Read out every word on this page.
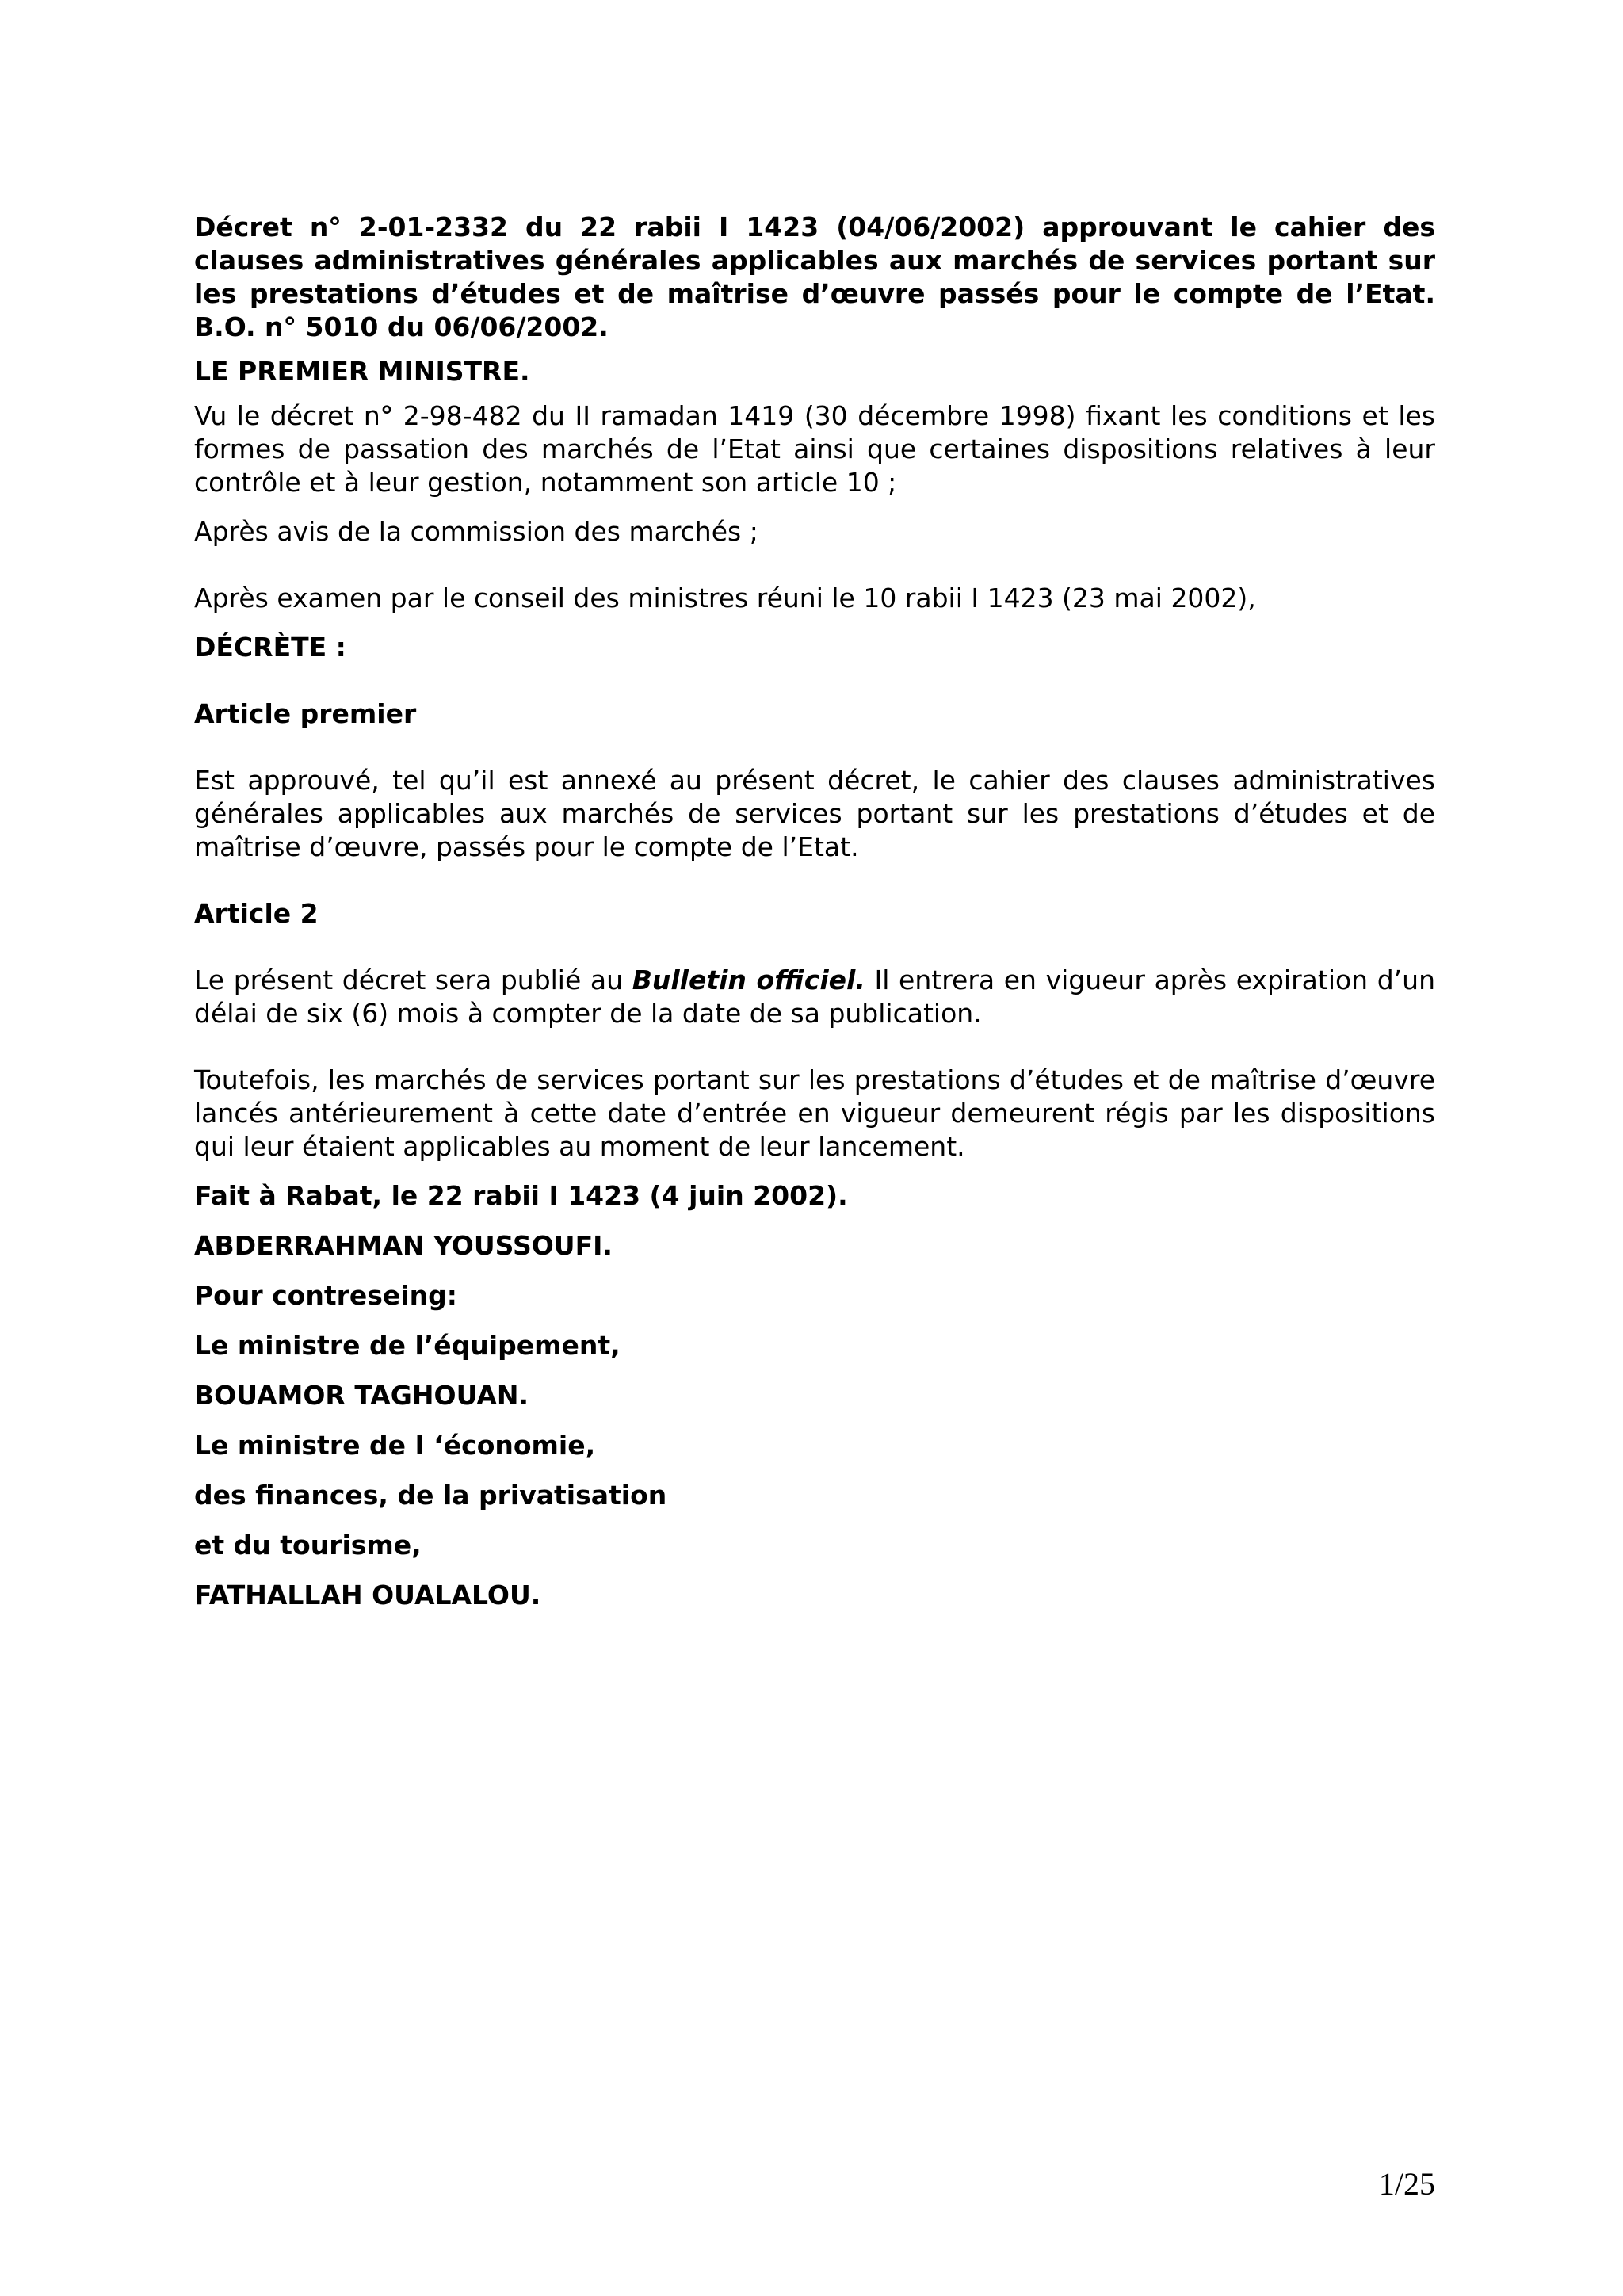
Décret n° 2-01-2332 du 22 rabii I 1423 (04/06/2002) approuvant le cahier des clauses administratives générales applicables aux marchés de services portant sur les prestations d’études et de maîtrise d’œuvre passés pour le compte de l’Etat. B.O. n° 5010 du 06/06/2002.

LE PREMIER MINISTRE.

Vu le décret n° 2-98-482 du II ramadan 1419 (30 décembre 1998) fixant les conditions et les formes de passation des marchés de l’Etat ainsi que certaines dispositions relatives à leur contrôle et à leur gestion, notamment son article 10 ;

Après avis de la commission des marchés ;

Après examen par le conseil des ministres réuni le 10 rabii I 1423 (23 mai 2002),

DÉCRÈTE :

Article premier

Est approuvé, tel qu’il est annexé au présent décret, le cahier des clauses administratives générales applicables aux marchés de services portant sur les prestations d’études et de maîtrise d’œuvre, passés pour le compte de l’Etat.

Article 2

Le présent décret sera publié au Bulletin officiel. Il entrera en vigueur après expiration d’un délai de six (6) mois à compter de la date de sa publication.

Toutefois, les marchés de services portant sur les prestations d’études et de maîtrise d’œuvre lancés antérieurement à cette date d’entrée en vigueur demeurent régis par les dispositions qui leur étaient applicables au moment de leur lancement.

Fait à Rabat, le 22 rabii I 1423 (4 juin 2002).

ABDERRAHMAN YOUSSOUFI.

Pour contreseing:

Le ministre de l’équipement,

BOUAMOR TAGHOUAN.

Le ministre de I ‘économie,

des finances, de la privatisation

et du tourisme,

FATHALLAH OUALALOU.

1/25
